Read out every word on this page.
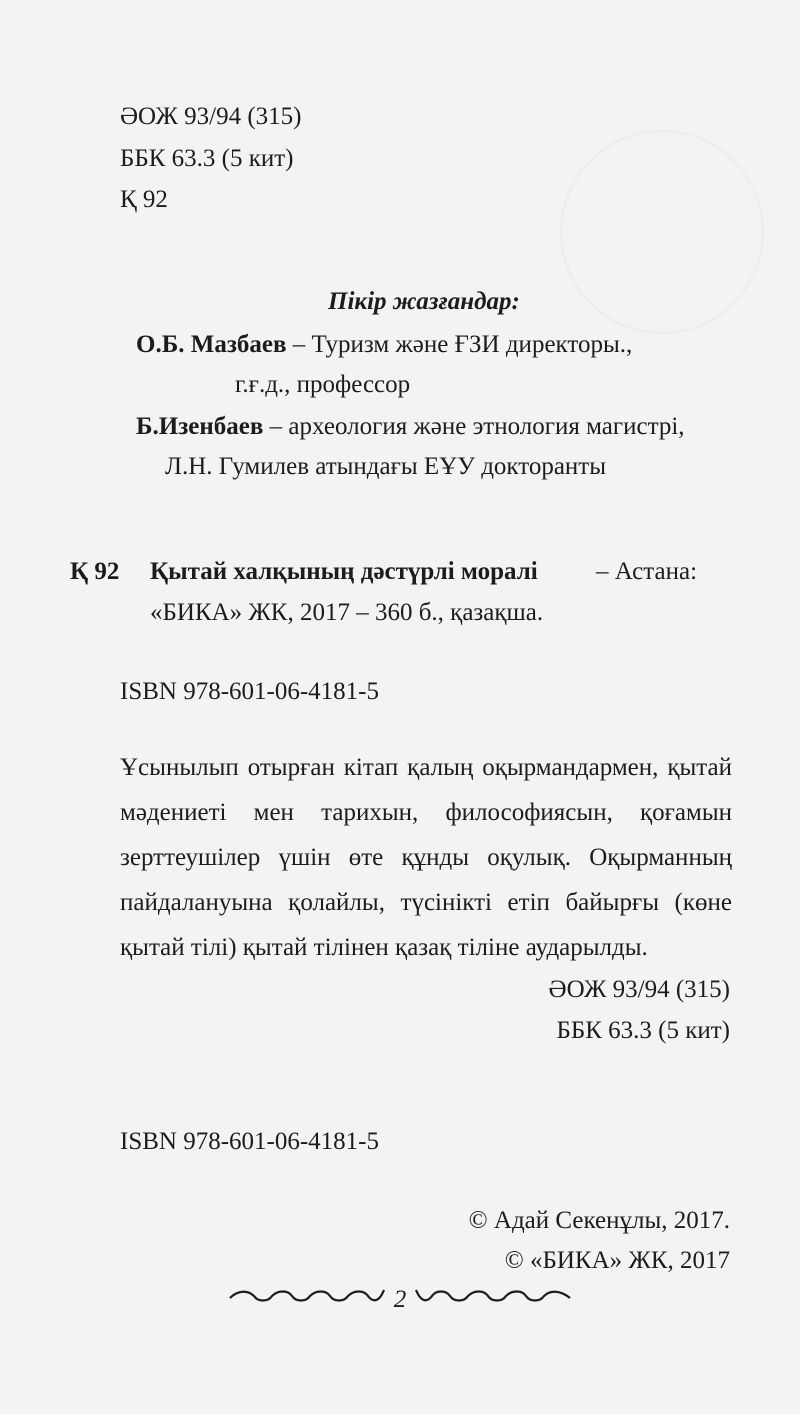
ӘОЖ 93/94 (315)
ББК 63.3 (5 кит)
Қ 92
Пікір жазғандар:
О.Б. Мазбаев – Туризм және ҒЗИ директоры.,
г.ғ.д., профессор
Б.Изенбаев – археология және этнология магистрі,
Л.Н. Гумилев атындағы ЕҰУ докторанты
Қ 92 Қытай халқының дәстүрлі моралі – Астана:
«БИКА» ЖК, 2017 – 360 б., қазақша.
ISBN 978-601-06-4181-5
Ұсынылып отырған кітап қалың оқырмандармен, қытай мәдениеті мен тарихын, философиясын, қоғамын зерттеушілер үшін өте құнды оқулық. Оқырманның пайдалануына қолайлы, түсінікті етіп байырғы (көне қытай тілі) қытай тілінен қазақ тіліне аударылды.
ӘОЖ 93/94 (315)
ББК 63.3 (5 кит)
ISBN 978-601-06-4181-5
© Адай Секенұлы, 2017.
© «БИКА» ЖК, 2017
2
